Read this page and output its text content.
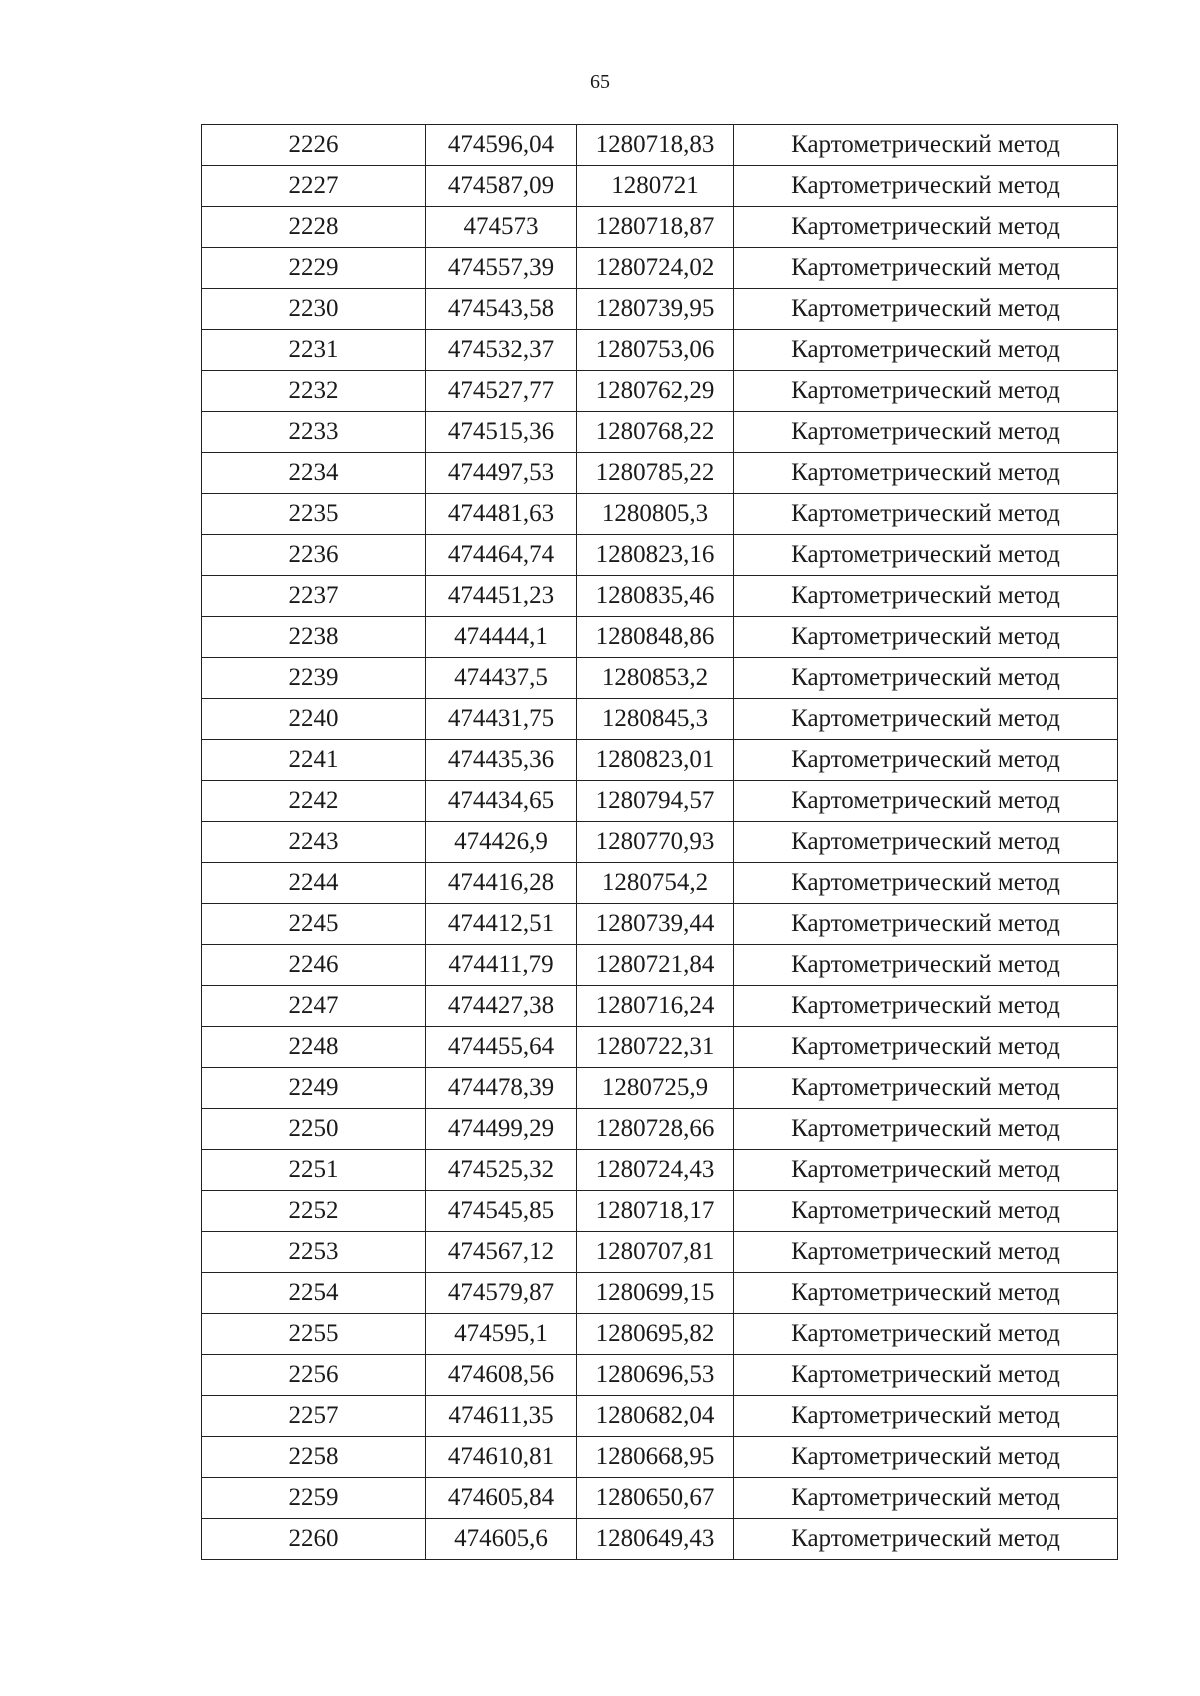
65
2226	474596,04	1280718,83	Картометрический метод
2227	474587,09	1280721	Картометрический метод
2228	474573	1280718,87	Картометрический метод
2229	474557,39	1280724,02	Картометрический метод
2230	474543,58	1280739,95	Картометрический метод
2231	474532,37	1280753,06	Картометрический метод
2232	474527,77	1280762,29	Картометрический метод
2233	474515,36	1280768,22	Картометрический метод
2234	474497,53	1280785,22	Картометрический метод
2235	474481,63	1280805,3	Картометрический метод
2236	474464,74	1280823,16	Картометрический метод
2237	474451,23	1280835,46	Картометрический метод
2238	474444,1	1280848,86	Картометрический метод
2239	474437,5	1280853,2	Картометрический метод
2240	474431,75	1280845,3	Картометрический метод
2241	474435,36	1280823,01	Картометрический метод
2242	474434,65	1280794,57	Картометрический метод
2243	474426,9	1280770,93	Картометрический метод
2244	474416,28	1280754,2	Картометрический метод
2245	474412,51	1280739,44	Картометрический метод
2246	474411,79	1280721,84	Картометрический метод
2247	474427,38	1280716,24	Картометрический метод
2248	474455,64	1280722,31	Картометрический метод
2249	474478,39	1280725,9	Картометрический метод
2250	474499,29	1280728,66	Картометрический метод
2251	474525,32	1280724,43	Картометрический метод
2252	474545,85	1280718,17	Картометрический метод
2253	474567,12	1280707,81	Картометрический метод
2254	474579,87	1280699,15	Картометрический метод
2255	474595,1	1280695,82	Картометрический метод
2256	474608,56	1280696,53	Картометрический метод
2257	474611,35	1280682,04	Картометрический метод
2258	474610,81	1280668,95	Картометрический метод
2259	474605,84	1280650,67	Картометрический метод
2260	474605,6	1280649,43	Картометрический метод
